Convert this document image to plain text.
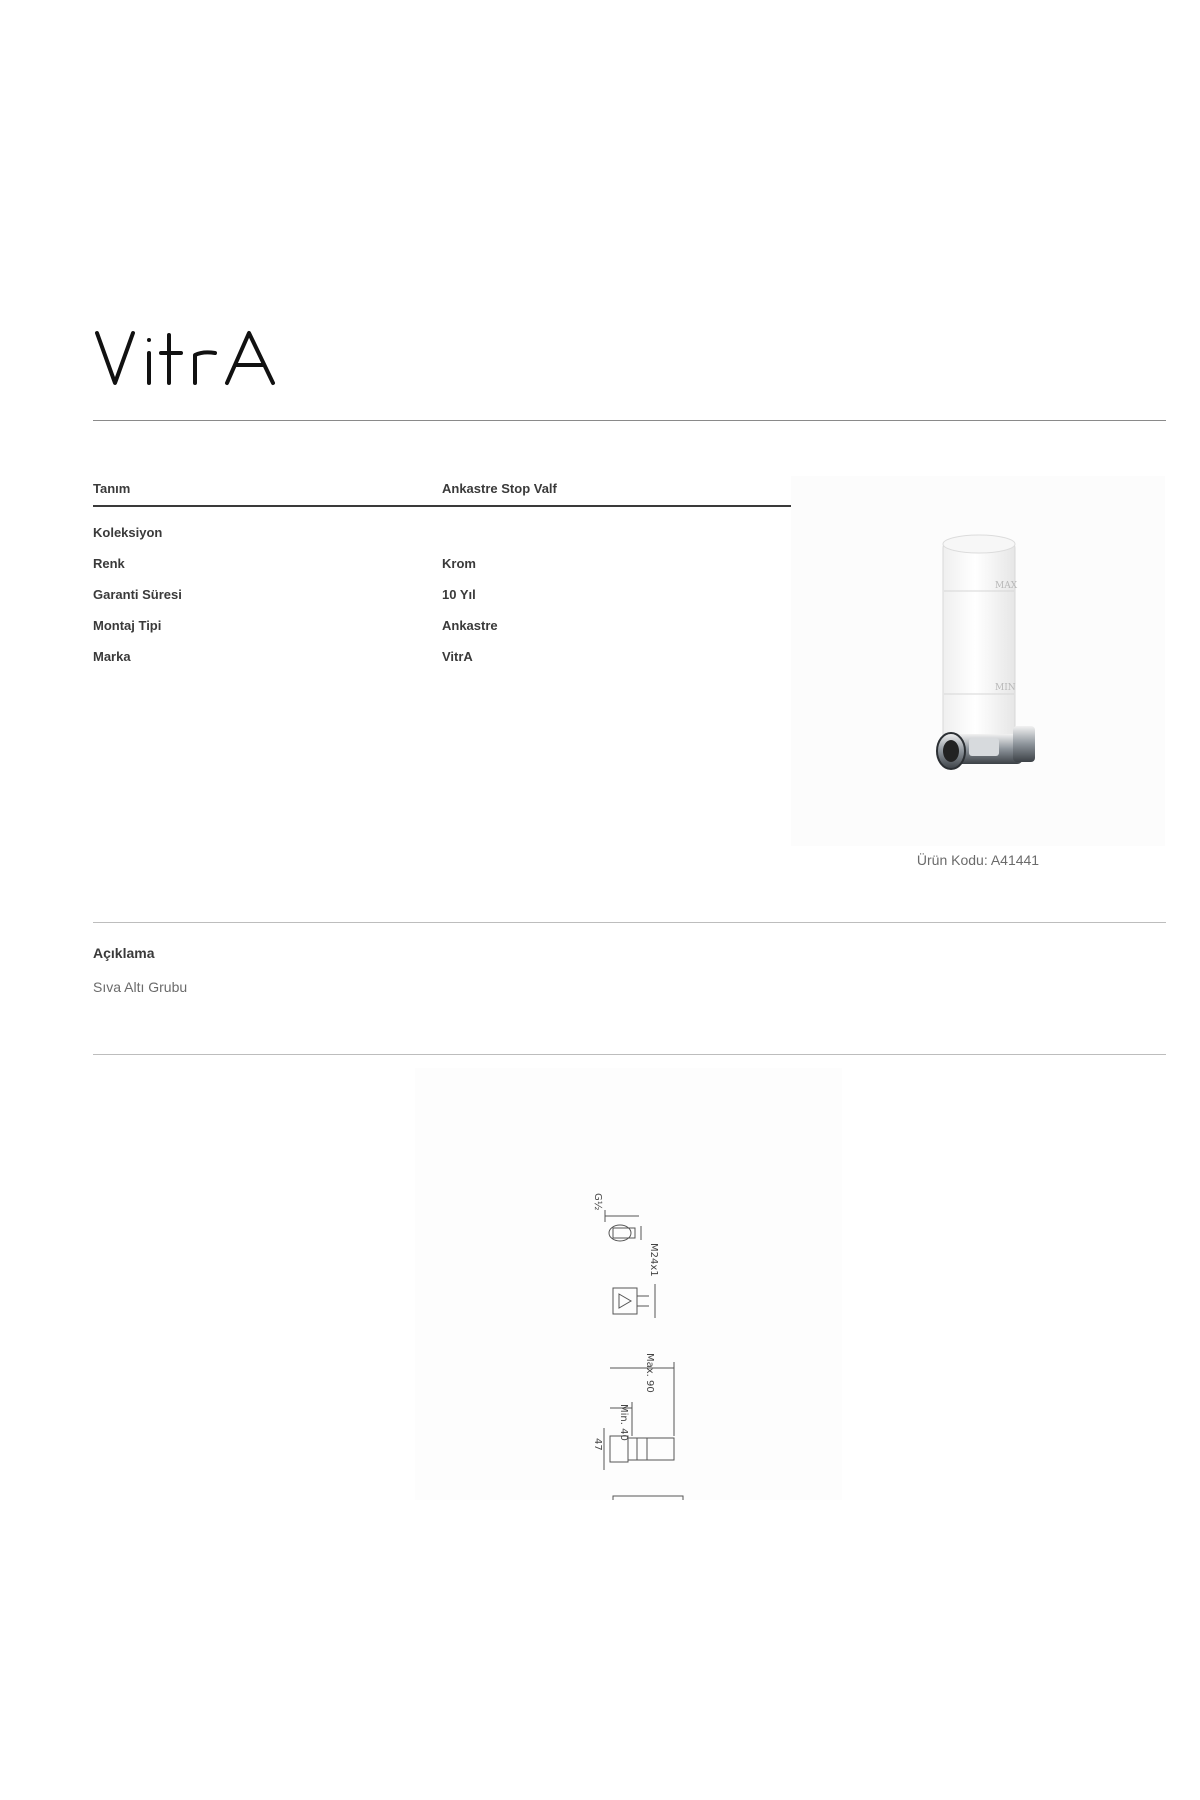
Tanım	Ankastre Stop Valf
Koleksiyon
Renk	Krom
Garanti Süresi	10 Yıl
Montaj Tipi	Ankastre
Marka	VitrA
MAX
MIN
Ürün Kodu: A41441
Açıklama
Sıva Altı Grubu
G½
M24x1
Max. 90
Min. 40
47
